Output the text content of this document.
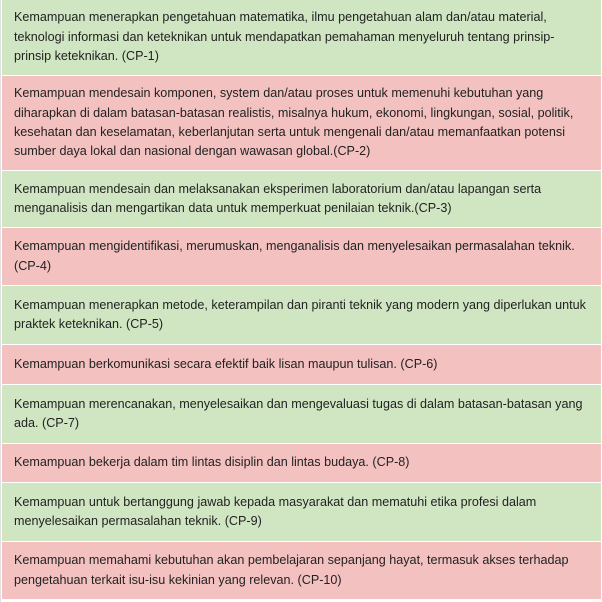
Kemampuan menerapkan pengetahuan matematika, ilmu pengetahuan alam dan/atau material, teknologi informasi dan keteknikan untuk mendapatkan pemahaman menyeluruh tentang prinsip-prinsip keteknikan. (CP-1)
Kemampuan mendesain komponen, system dan/atau proses untuk memenuhi kebutuhan yang diharapkan di dalam batasan-batasan realistis, misalnya hukum, ekonomi, lingkungan, sosial, politik, kesehatan dan keselamatan, keberlanjutan serta untuk mengenali dan/atau memanfaatkan potensi sumber daya lokal dan nasional dengan wawasan global.(CP-2)
Kemampuan mendesain dan melaksanakan eksperimen laboratorium dan/atau lapangan serta menganalisis dan mengartikan data untuk memperkuat penilaian teknik.(CP-3)
Kemampuan mengidentifikasi, merumuskan, menganalisis dan menyelesaikan permasalahan teknik. (CP-4)
Kemampuan menerapkan metode, keterampilan dan piranti teknik yang modern yang diperlukan untuk praktek keteknikan. (CP-5)
Kemampuan berkomunikasi secara efektif baik lisan maupun tulisan. (CP-6)
Kemampuan merencanakan, menyelesaikan dan mengevaluasi tugas di dalam batasan-batasan yang ada. (CP-7)
Kemampuan bekerja dalam tim lintas disiplin dan lintas budaya. (CP-8)
Kemampuan untuk bertanggung jawab kepada masyarakat dan mematuhi etika profesi dalam menyelesaikan permasalahan teknik. (CP-9)
Kemampuan memahami kebutuhan akan pembelajaran sepanjang hayat, termasuk akses terhadap pengetahuan terkait isu-isu kekinian yang relevan. (CP-10)
